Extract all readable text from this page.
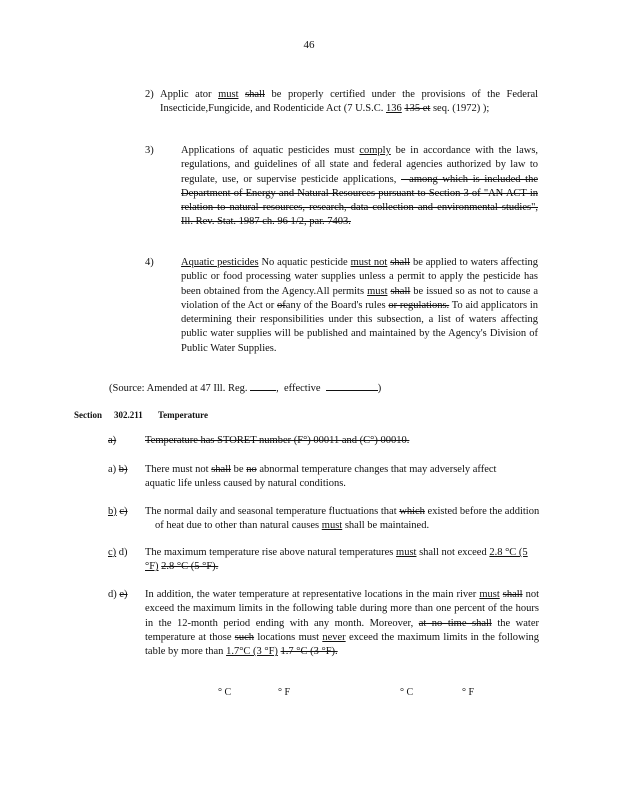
46
2) Applic ator must shall be properly certified under the provisions of the Federal Insecticide,Fungicide, and Rodenticide Act (7 U.S.C. 136 135 et seq. (1972) );
3)	Applications of aquatic pesticides must comply be in accordance with the laws, regulations, and guidelines of all state and federal agencies authorized by law to regulate, use, or supervise pesticide applications, - among which is included the Department of Energy and Natural Resources pursuant to Section 3 of "AN ACT in relation to natural resources, research, data collection and environmental studies", Ill. Rev. Stat. 1987 ch. 96 1/2, par. 7403.
4)	Aquatic pesticides No aquatic pesticide must not shall be applied to waters affecting public or food processing water supplies unless a permit to apply the pesticide has been obtained from the Agency.All permits must shall be issued so as not to cause a violation of the Act or ofany of the Board's rules or regulations. To aid applicators in determining their responsibilities under this subsection, a list of waters affecting public water supplies will be published and maintained by the Agency's Division of Public Water Supplies.
(Source: Amended at 47 Ill. Reg.	, effective	)
Section 302.211 Temperature
a)	Temperature has STORET number (F°) 00011 and (C°) 00010.
a) b) There must not shall be no abnormal temperature changes that may adversely affect aquatic life unless caused by natural conditions.
b) c) The normal daily and seasonal temperature fluctuations that which existed before the addition of heat due to other than natural causes must shall be maintained.
c) d) The maximum temperature rise above natural temperatures must shall not exceed 2.8 °C (5 °F) 2.8 °C (5 °F).
d) e) In addition, the water temperature at representative locations in the main river must shall not exceed the maximum limits in the following table during more than one percent of the hours in the 12-month period ending with any month. Moreover, at no time shall the water temperature at those such locations must never exceed the maximum limits in the following table by more than 1.7°C (3 °F) 1.7 °C (3 °F).
° C	° F	° C	° F
